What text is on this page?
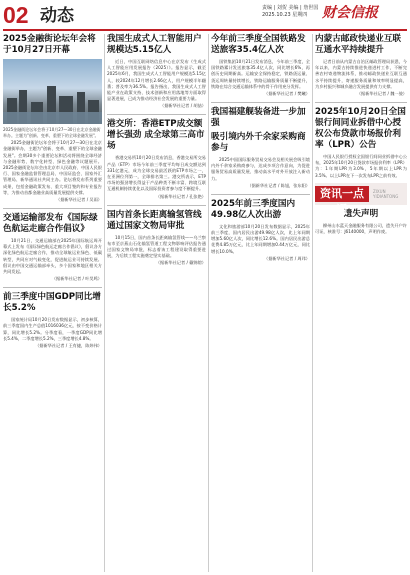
02 动态	责编 | 刘贺 美编 | 詹世国
2025.10.23 星期四	财会信报
2025金融街论坛年会将于10月27日开幕

2025金融街论坛年会将于10月27—30日在北京金融街举办。主题为"创新、变革、重塑下的全球金融发展"。

2025金融街论坛年会将于10月27—30日在北京金融街举办，主题为"创新、变革、重塑下的全球金融发展"。会期30多个重要论坛和活动将围绕全球经济与金融形势、数字化转型、绿色金融等议题展开。2025金融街论坛年会由北京市人民政府、中国人民银行、国家金融监督管理总局、中国证监会、国家外汇管理局、新华通讯社共同主办。论坛将发布系列重要成果，包括金融政策发布、重大项目签约和专业报告等，为推动首都金融业高质量发展提供支撑。

（据新华社记者 / 吴雨）

交通运输部发布《国际绿色航运走廊合作倡议》

10月21日，交通运输部在2025年国际航运周开幕式上发布《国际绿色航运走廊合作倡议》，倡议各方深化绿色航运走廊合作，推动全球航运业绿色、低碳转型，共同应对气候变化，促进航运业可持续发展。倡议由中国交通运输部牵头，多个国家和地区相关方共同发起。

（据新华社记者 / 叶昊鸣）

前三季度中国GDP同比增长5.2%

国家统计局10月20日发布数据显示，初步核算，前三季度国内生产总值1016036亿元，按不变价格计算，同比增长5.2%。分季度看，一季度GDP同比增长5.4%，二季度增长5.2%，三季度增长4.8%。

（据新华社记者 / 王有捷，陈炜伟）

我国生成式人工智能用户规模达5.15亿人

近日，中国互联网络信息中心在京发布《生成式人工智能应用发展报告（2025）》。报告显示，截至2025年6月，我国生成式人工智能用户规模达5.15亿人，较2024年12月增长2.66亿人，用户规模半年翻番；普及率为36.5%。报告指出，我国生成式人工智能产业在政策支持、技术创新和应用落地等方面取得显著进展，已成为推动经济社会发展的重要力量。

（据新华社记者 / 胡喆）

港交所：香港ETP成交额增长强劲 成全球第三高市场

香港交易所10月20日发布消息，香港交易所交易产品（ETP）市场今年前三季度平均每日成交额达到331亿港元，成为全球交易最活跃的ETP市场之一，在亚洲位列第一，全球排名第三。港交所表示，ETP市场的强劲增长得益于产品种类不断丰富、跨境互联互通机制持续优化以及国际投资者参与度不断提升。

（据新华社记者 / 孔张艳）

国内首条长距离输氢管线通过国家文物局审批

10月15日，国内首条长距离输氢管线——乌兰察布市至京燕山石化输氢管道工程文物影响评估报告通过国家文物局审批，标志着该工程建设取得重要进展，为后续工程实施奠定坚实基础。

（据新华社记者 / 戴锦镕）

今年前三季度全国铁路发送旅客35.4亿人次

国铁集团10月21日发布消息，今年前三季度，全国铁路累计发送旅客35.4亿人次，同比增长6%，再创历史同期新高。运输安全保持稳定，铁路货运量、货运周转量持续增长，铁路运输服务质量不断提升，铁路在综合交通运输体系中的骨干作用充分发挥。

（据新华社记者 / 樊曦）

我国福建舰装备进一步加强
吸引境内外千余家采购商参与

2025中国国际服务贸易交易会及相关展会吸引境内外千余家采购商参与，达成多项合作意向，为促进服务贸易高质量发展、推动高水平对外开放注入新动力。

（据新华社记者 / 陈旭，张东阳）

2025年前三季度国内49.98亿人次出游

文化和旅游部10月20日发布数据显示，2025年前三季度，国内居民出游49.98亿人次，比上年同期增加5.60亿人次，同比增长12.6%。国内居民出游总花费4.85万亿元，比上年同期增加0.44万亿元，同比增长10.0%。

（据新华社记者 / 周玮）

内蒙古邮政快递业互联互通水平持续提升

记者日前从内蒙古自治区邮政管理局获悉，今年以来，内蒙古持续推进快递进村工作，不断完善农村寄递物流体系，推动邮政快递业互联互通水平持续提升，寄递服务质量和效率明显提高，为乡村振兴和城乡融合发展提供有力支撑。

（据新华社记者 / 魏一骏）

2025年10月20日全国银行间同业拆借中心授权公布贷款市场报价利率（LPR）公告

中国人民银行授权全国银行间同业拆借中心公布，2025年10月20日贷款市场报价利率（LPR）为：1年期LPR为3.0%，5年期以上LPR为3.5%。以上LPR在下一次发布LPR之前有效。

资讯一点通
ZIXUN YIDIANTONG
遗失声明

柳州山水蓝天金融服务有限公司，遗失开户许可证，核准号：J6140000，声明作废。
